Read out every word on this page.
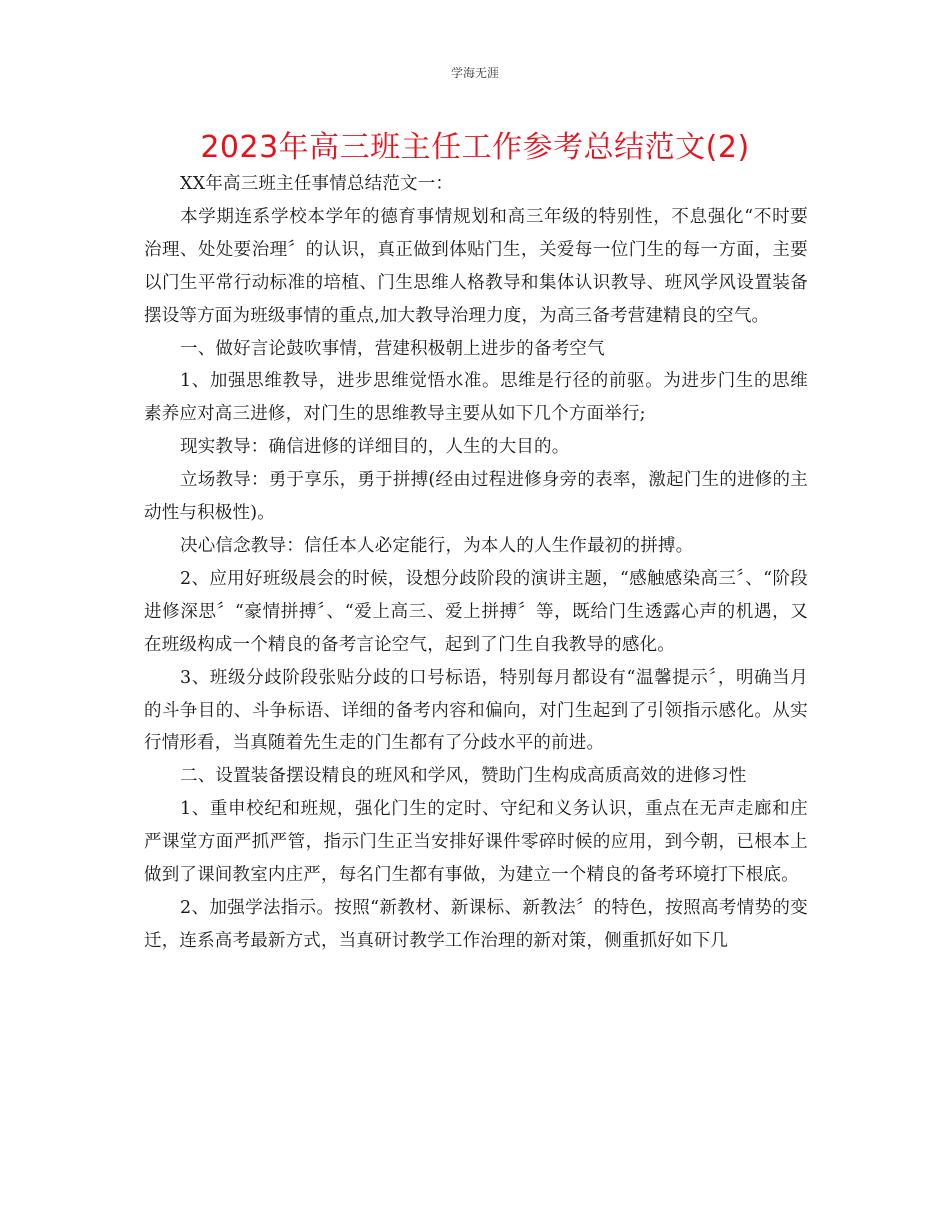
学海无涯
2023年高三班主任工作参考总结范文(2)

XX年高三班主任事情总结范文一：

本学期连系学校本学年的德育事情规划和高三年级的特别性，不息强化“不时要治理、处处要治理〞的认识，真正做到体贴门生，关爱每一位门生的每一方面，主要以门生平常行动标准的培植、门生思维人格教导和集体认识教导、班风学风设置装备摆设等方面为班级事情的重点,加大教导治理力度，为高三备考营建精良的空气。

一、做好言论鼓吹事情，营建积极朝上进步的备考空气

1、加强思维教导，进步思维觉悟水准。思维是行径的前驱。为进步门生的思维素养应对高三进修，对门生的思维教导主要从如下几个方面举行;

现实教导：确信进修的详细目的，人生的大目的。

立场教导：勇于享乐，勇于拼搏(经由过程进修身旁的表率，激起门生的进修的主动性与积极性)。

决心信念教导：信任本人必定能行，为本人的人生作最初的拼搏。

2、应用好班级晨会的时候，设想分歧阶段的演讲主题，“感触感染高三〞、“阶段进修深思〞“豪情拼搏〞、“爱上高三、爱上拼搏〞等，既给门生透露心声的机遇，又在班级构成一个精良的备考言论空气，起到了门生自我教导的感化。

3、班级分歧阶段张贴分歧的口号标语，特别每月都设有“温馨提示〞，明确当月的斗争目的、斗争标语、详细的备考内容和偏向，对门生起到了引领指示感化。从实行情形看，当真随着先生走的门生都有了分歧水平的前进。

二、设置装备摆设精良的班风和学风，赞助门生构成高质高效的进修习性

1、重申校纪和班规，强化门生的定时、守纪和义务认识，重点在无声走廊和庄严课堂方面严抓严管，指示门生正当安排好课件零碎时候的应用，到今朝，已根本上做到了课间教室内庄严，每名门生都有事做，为建立一个精良的备考环境打下根底。

2、加强学法指示。按照“新教材、新课标、新教法〞的特色，按照高考情势的变迁，连系高考最新方式，当真研讨教学工作治理的新对策，侧重抓好如下几
